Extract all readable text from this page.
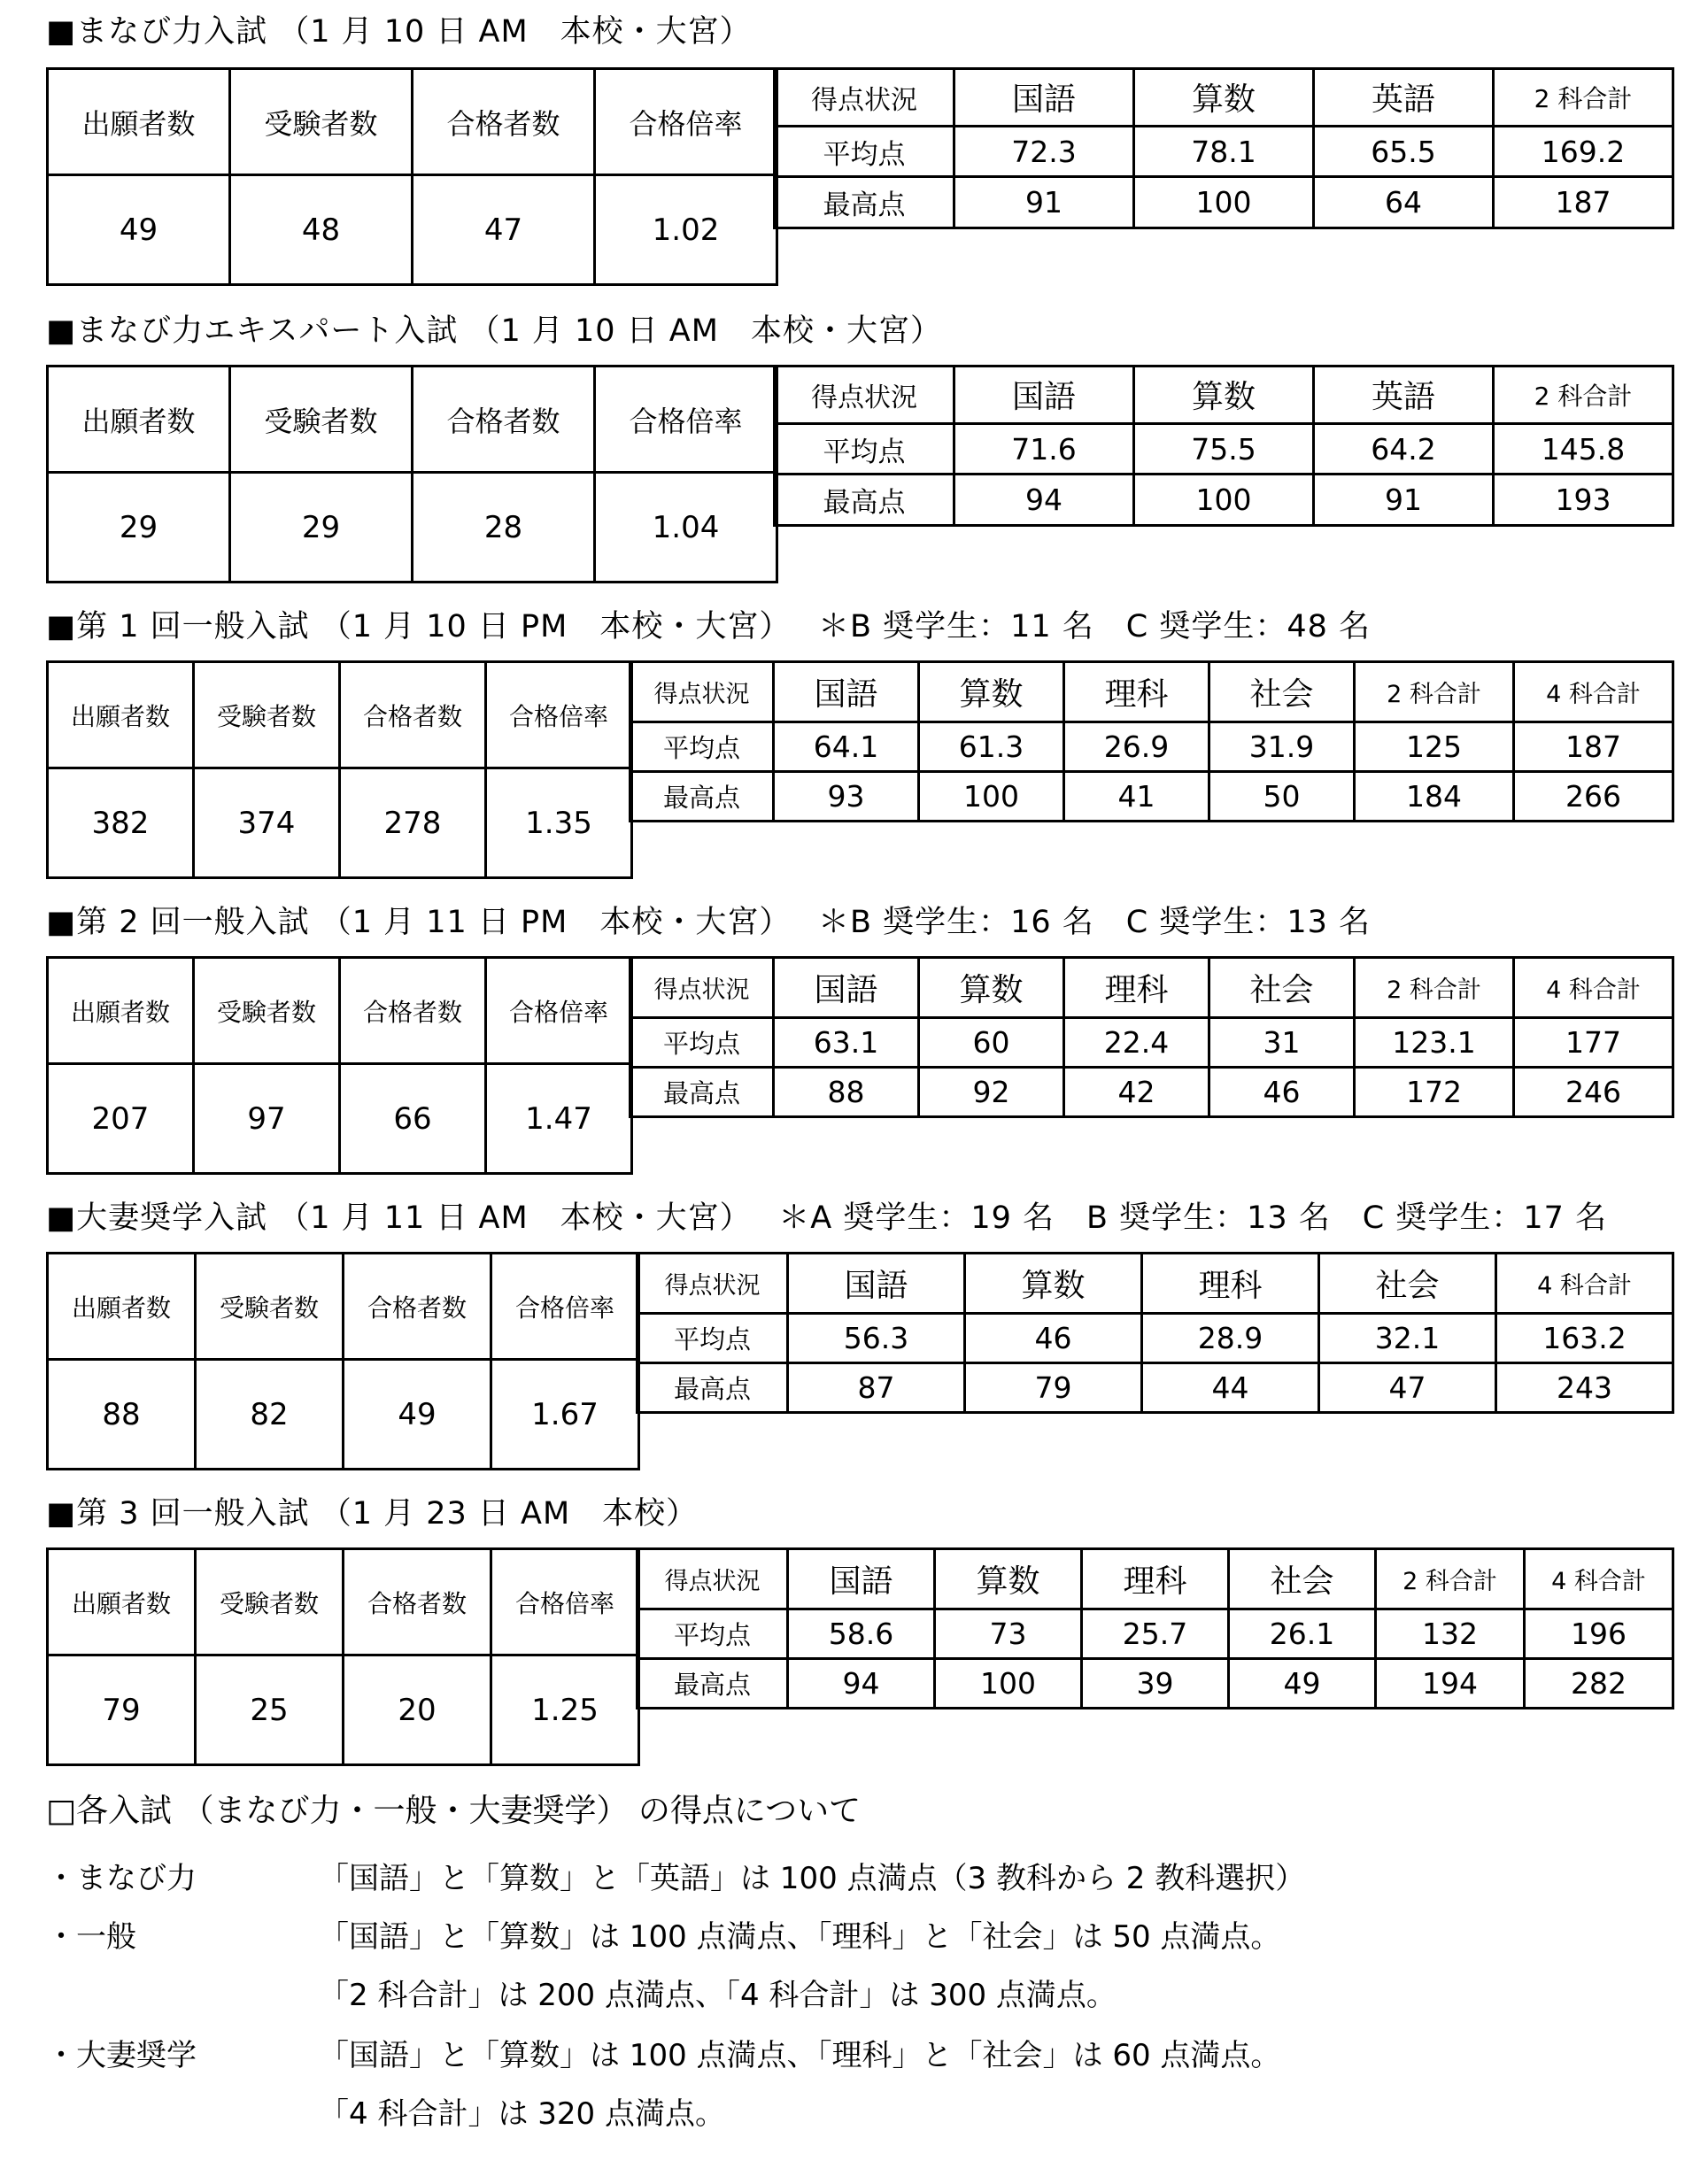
■まなび力入試 （1 月 10 日 AM　本校・大宮）
出願者数	受験者数	合格者数	合格倍率
49	48	47	1.02
得点状況	国語	算数	英語	2 科合計
平均点	72.3	78.1	65.5	169.2
最高点	91	100	64	187
■まなび力エキスパート入試 （1 月 10 日 AM　本校・大宮）
出願者数	受験者数	合格者数	合格倍率
29	29	28	1.04
得点状況	国語	算数	英語	2 科合計
平均点	71.6	75.5	64.2	145.8
最高点	94	100	91	193
■第 1 回一般入試 （1 月 10 日 PM　本校・大宮）　 ＊B 奨学生：11 名　C 奨学生：48 名
出願者数	受験者数	合格者数	合格倍率
382	374	278	1.35
得点状況	国語	算数	理科	社会	2 科合計	4 科合計
平均点	64.1	61.3	26.9	31.9	125	187
最高点	93	100	41	50	184	266
■第 2 回一般入試 （1 月 11 日 PM　本校・大宮）　 ＊B 奨学生：16 名　C 奨学生：13 名
出願者数	受験者数	合格者数	合格倍率
207	97	66	1.47
得点状況	国語	算数	理科	社会	2 科合計	4 科合計
平均点	63.1	60	22.4	31	123.1	177
最高点	88	92	42	46	172	246
■大妻奨学入試 （1 月 11 日 AM　本校・大宮）　 ＊A 奨学生：19 名　B 奨学生：13 名　C 奨学生：17 名
出願者数	受験者数	合格者数	合格倍率
88	82	49	1.67
得点状況	国語	算数	理科	社会	4 科合計
平均点	56.3	46	28.9	32.1	163.2
最高点	87	79	44	47	243
■第 3 回一般入試 （1 月 23 日 AM　本校）
出願者数	受験者数	合格者数	合格倍率
79	25	20	1.25
得点状況	国語	算数	理科	社会	2 科合計	4 科合計
平均点	58.6	73	25.7	26.1	132	196
最高点	94	100	39	49	194	282
□各入試 （まなび力・一般・大妻奨学） の得点について
・まなび力	「国語」と「算数」と「英語」は 100 点満点（3 教科から 2 教科選択）
・一般	「国語」と「算数」は 100 点満点、「理科」と「社会」は 50 点満点。
「2 科合計」は 200 点満点、「4 科合計」は 300 点満点。
・大妻奨学	「国語」と「算数」は 100 点満点、「理科」と「社会」は 60 点満点。
「4 科合計」は 320 点満点。
